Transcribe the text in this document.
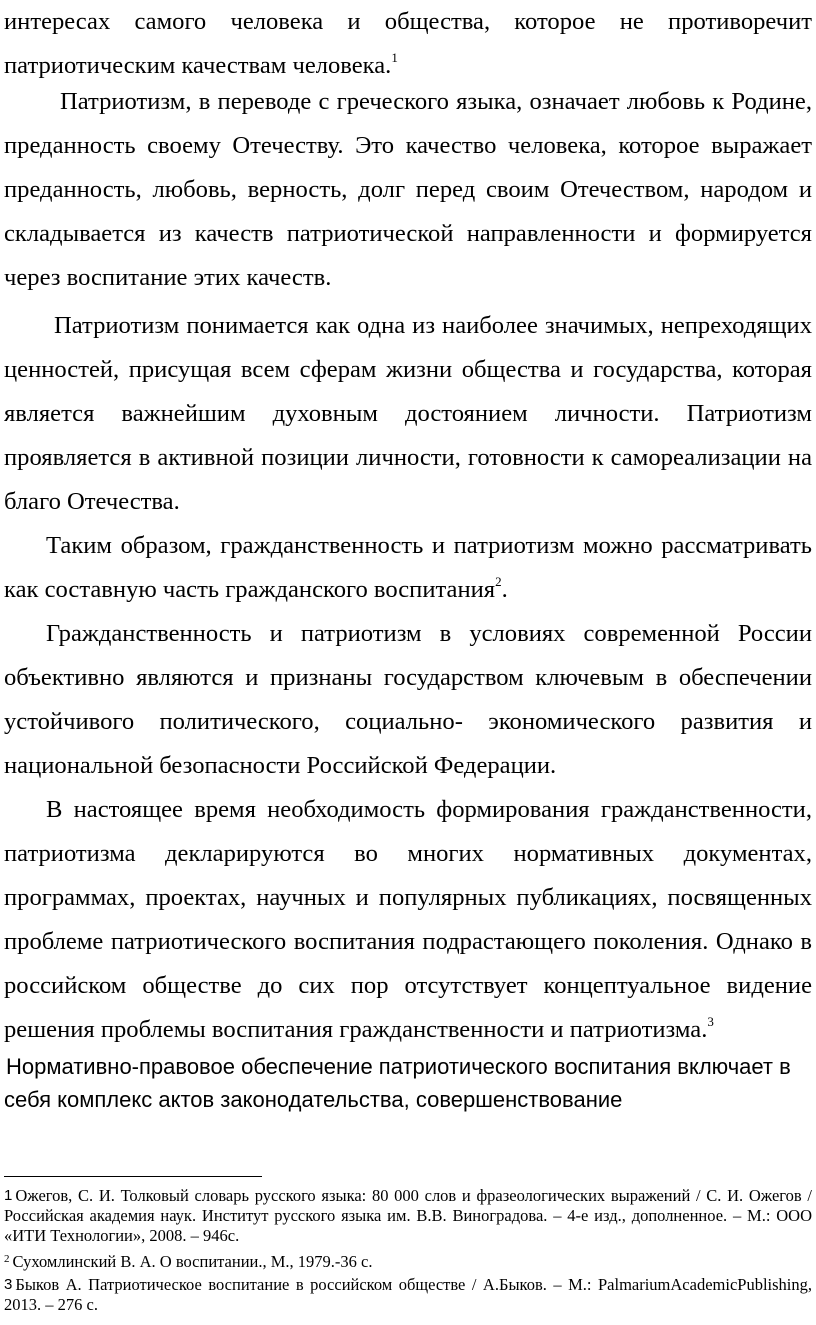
интересах самого человека и общества, которое не противоречит патриотическим качествам человека.$^1$

Патриотизм, в переводе с греческого языка, означает любовь к Родине, преданность своему Отечеству. Это качество человека, которое выражает преданность, любовь, верность, долг перед своим Отечеством, народом и складывается из качеств патриотической направленности и формируется через воспитание этих качеств.

Патриотизм понимается как одна из наиболее значимых, непреходящих ценностей, присущая всем сферам жизни общества и государства, которая является важнейшим духовным достоянием личности. Патриотизм проявляется в активной позиции личности, готовности к самореализации на благо Отечества.

Таким образом, гражданственность и патриотизм можно рассматривать как составную часть гражданского воспитания$^2$.

Гражданственность и патриотизм в условиях современной России объективно являются и признаны государством ключевым в обеспечении устойчивого политического, социально- экономического развития и национальной безопасности Российской Федерации.

В настоящее время необходимость формирования гражданственности, патриотизма декларируются во многих нормативных документах, программах, проектах, научных и популярных публикациях, посвященных проблеме патриотического воспитания подрастающего поколения. Однако в российском обществе до сих пор отсутствует концептуальное видение решения проблемы воспитания гражданственности и патриотизма.$^3$

Нормативно-правовое обеспечение патриотического воспитания включает в себя комплекс актов законодательства, совершенствование

1 Ожегов, С. И. Толковый словарь русского языка: 80 000 слов и фразеологических выражений / С. И. Ожегов / Российская академия наук. Институт русского языка им. В.В. Виноградова. – 4-е изд., дополненное. – М.: ООО «ИТИ Технологии», 2008. – 946с.

$^2$ Сухомлинский В. А. О воспитании., М., 1979.-36 с.

3 Быков А. Патриотическое воспитание в российском обществе / А.Быков. – М.: PalmariumAcademicPublishing, 2013. – 276 с.
